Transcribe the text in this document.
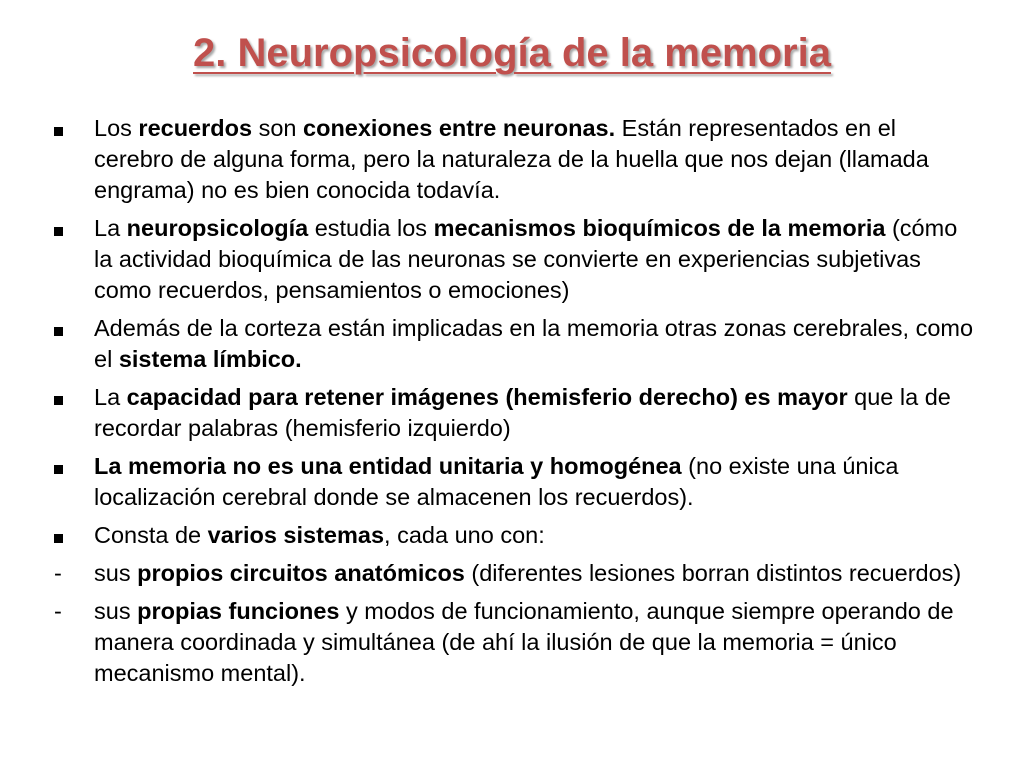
2. Neuropsicología de la memoria
Los recuerdos son conexiones entre neuronas. Están representados en el cerebro de alguna forma, pero la naturaleza de la huella que nos dejan (llamada engrama) no es bien conocida todavía.
La neuropsicología estudia los mecanismos bioquímicos de la memoria (cómo la actividad bioquímica de las neuronas se convierte en experiencias subjetivas como recuerdos, pensamientos o emociones)
Además de la corteza están implicadas en la memoria otras zonas cerebrales, como el sistema límbico.
La capacidad para retener imágenes (hemisferio derecho) es mayor que la de recordar palabras (hemisferio izquierdo)
La memoria no es una entidad unitaria y homogénea (no existe una única localización cerebral donde se almacenen los recuerdos).
Consta de varios sistemas, cada uno con:
-	sus propios circuitos anatómicos (diferentes lesiones borran distintos recuerdos)
-	sus propias funciones y modos de funcionamiento, aunque siempre operando de manera coordinada y simultánea (de ahí la ilusión de que la memoria = único mecanismo mental).
